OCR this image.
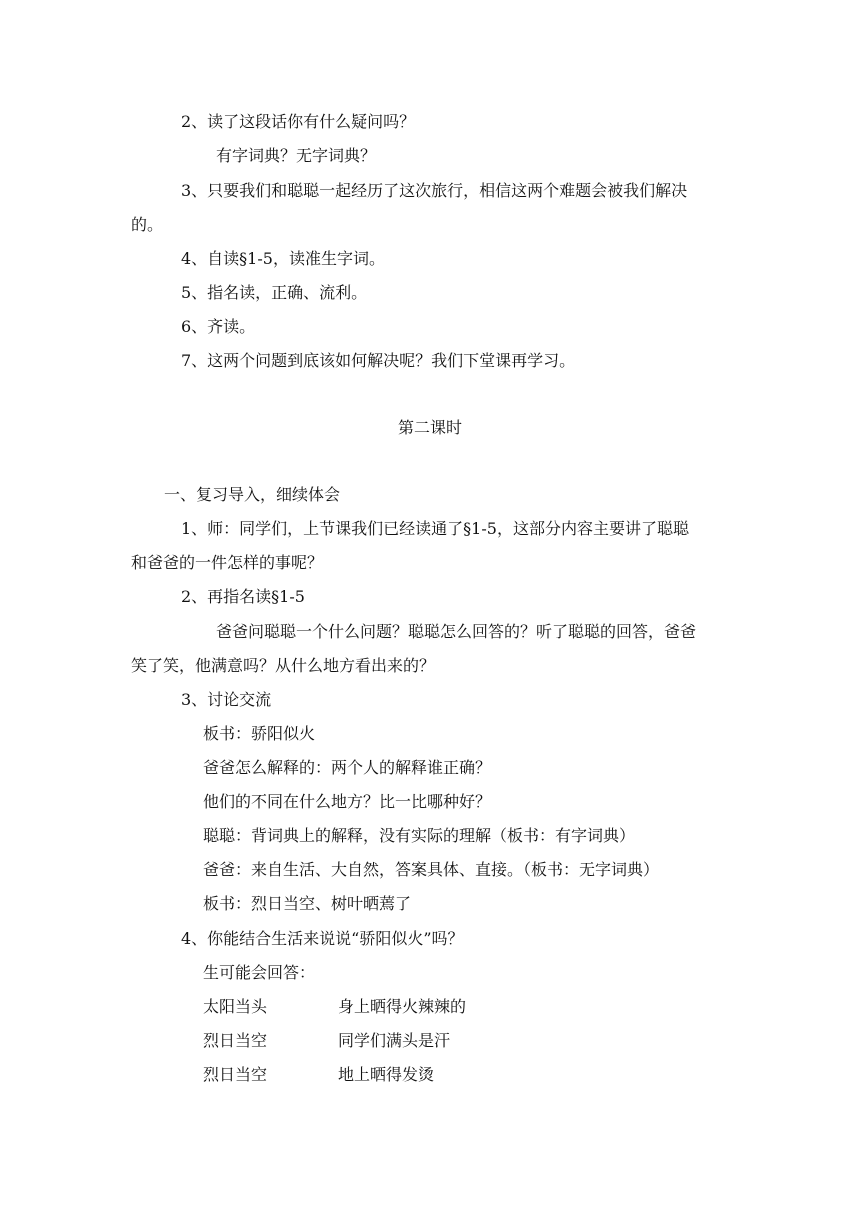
2、读了这段话你有什么疑问吗？
有字词典？无字词典？
3、只要我们和聪聪一起经历了这次旅行，相信这两个难题会被我们解决
的。
4、自读§1-5，读准生字词。
5、指名读，正确、流利。
6、齐读。
7、这两个问题到底该如何解决呢？我们下堂课再学习。
第二课时
一、复习导入，细续体会
1、师：同学们，上节课我们已经读通了§1-5，这部分内容主要讲了聪聪
和爸爸的一件怎样的事呢？
2、再指名读§1-5
爸爸问聪聪一个什么问题？聪聪怎么回答的？听了聪聪的回答，爸爸
笑了笑，他满意吗？从什么地方看出来的？
3、讨论交流
板书：骄阳似火
爸爸怎么解释的：两个人的解释谁正确？
他们的不同在什么地方？比一比哪种好？
聪聪：背词典上的解释，没有实际的理解（板书：有字词典）
爸爸：来自生活、大自然，答案具体、直接。（板书：无字词典）
板书：烈日当空、树叶晒蔫了
4、你能结合生活来说说“骄阳似火”吗？
生可能会回答：
太阳当头	身上晒得火辣辣的
烈日当空	同学们满头是汗
烈日当空	地上晒得发烫
